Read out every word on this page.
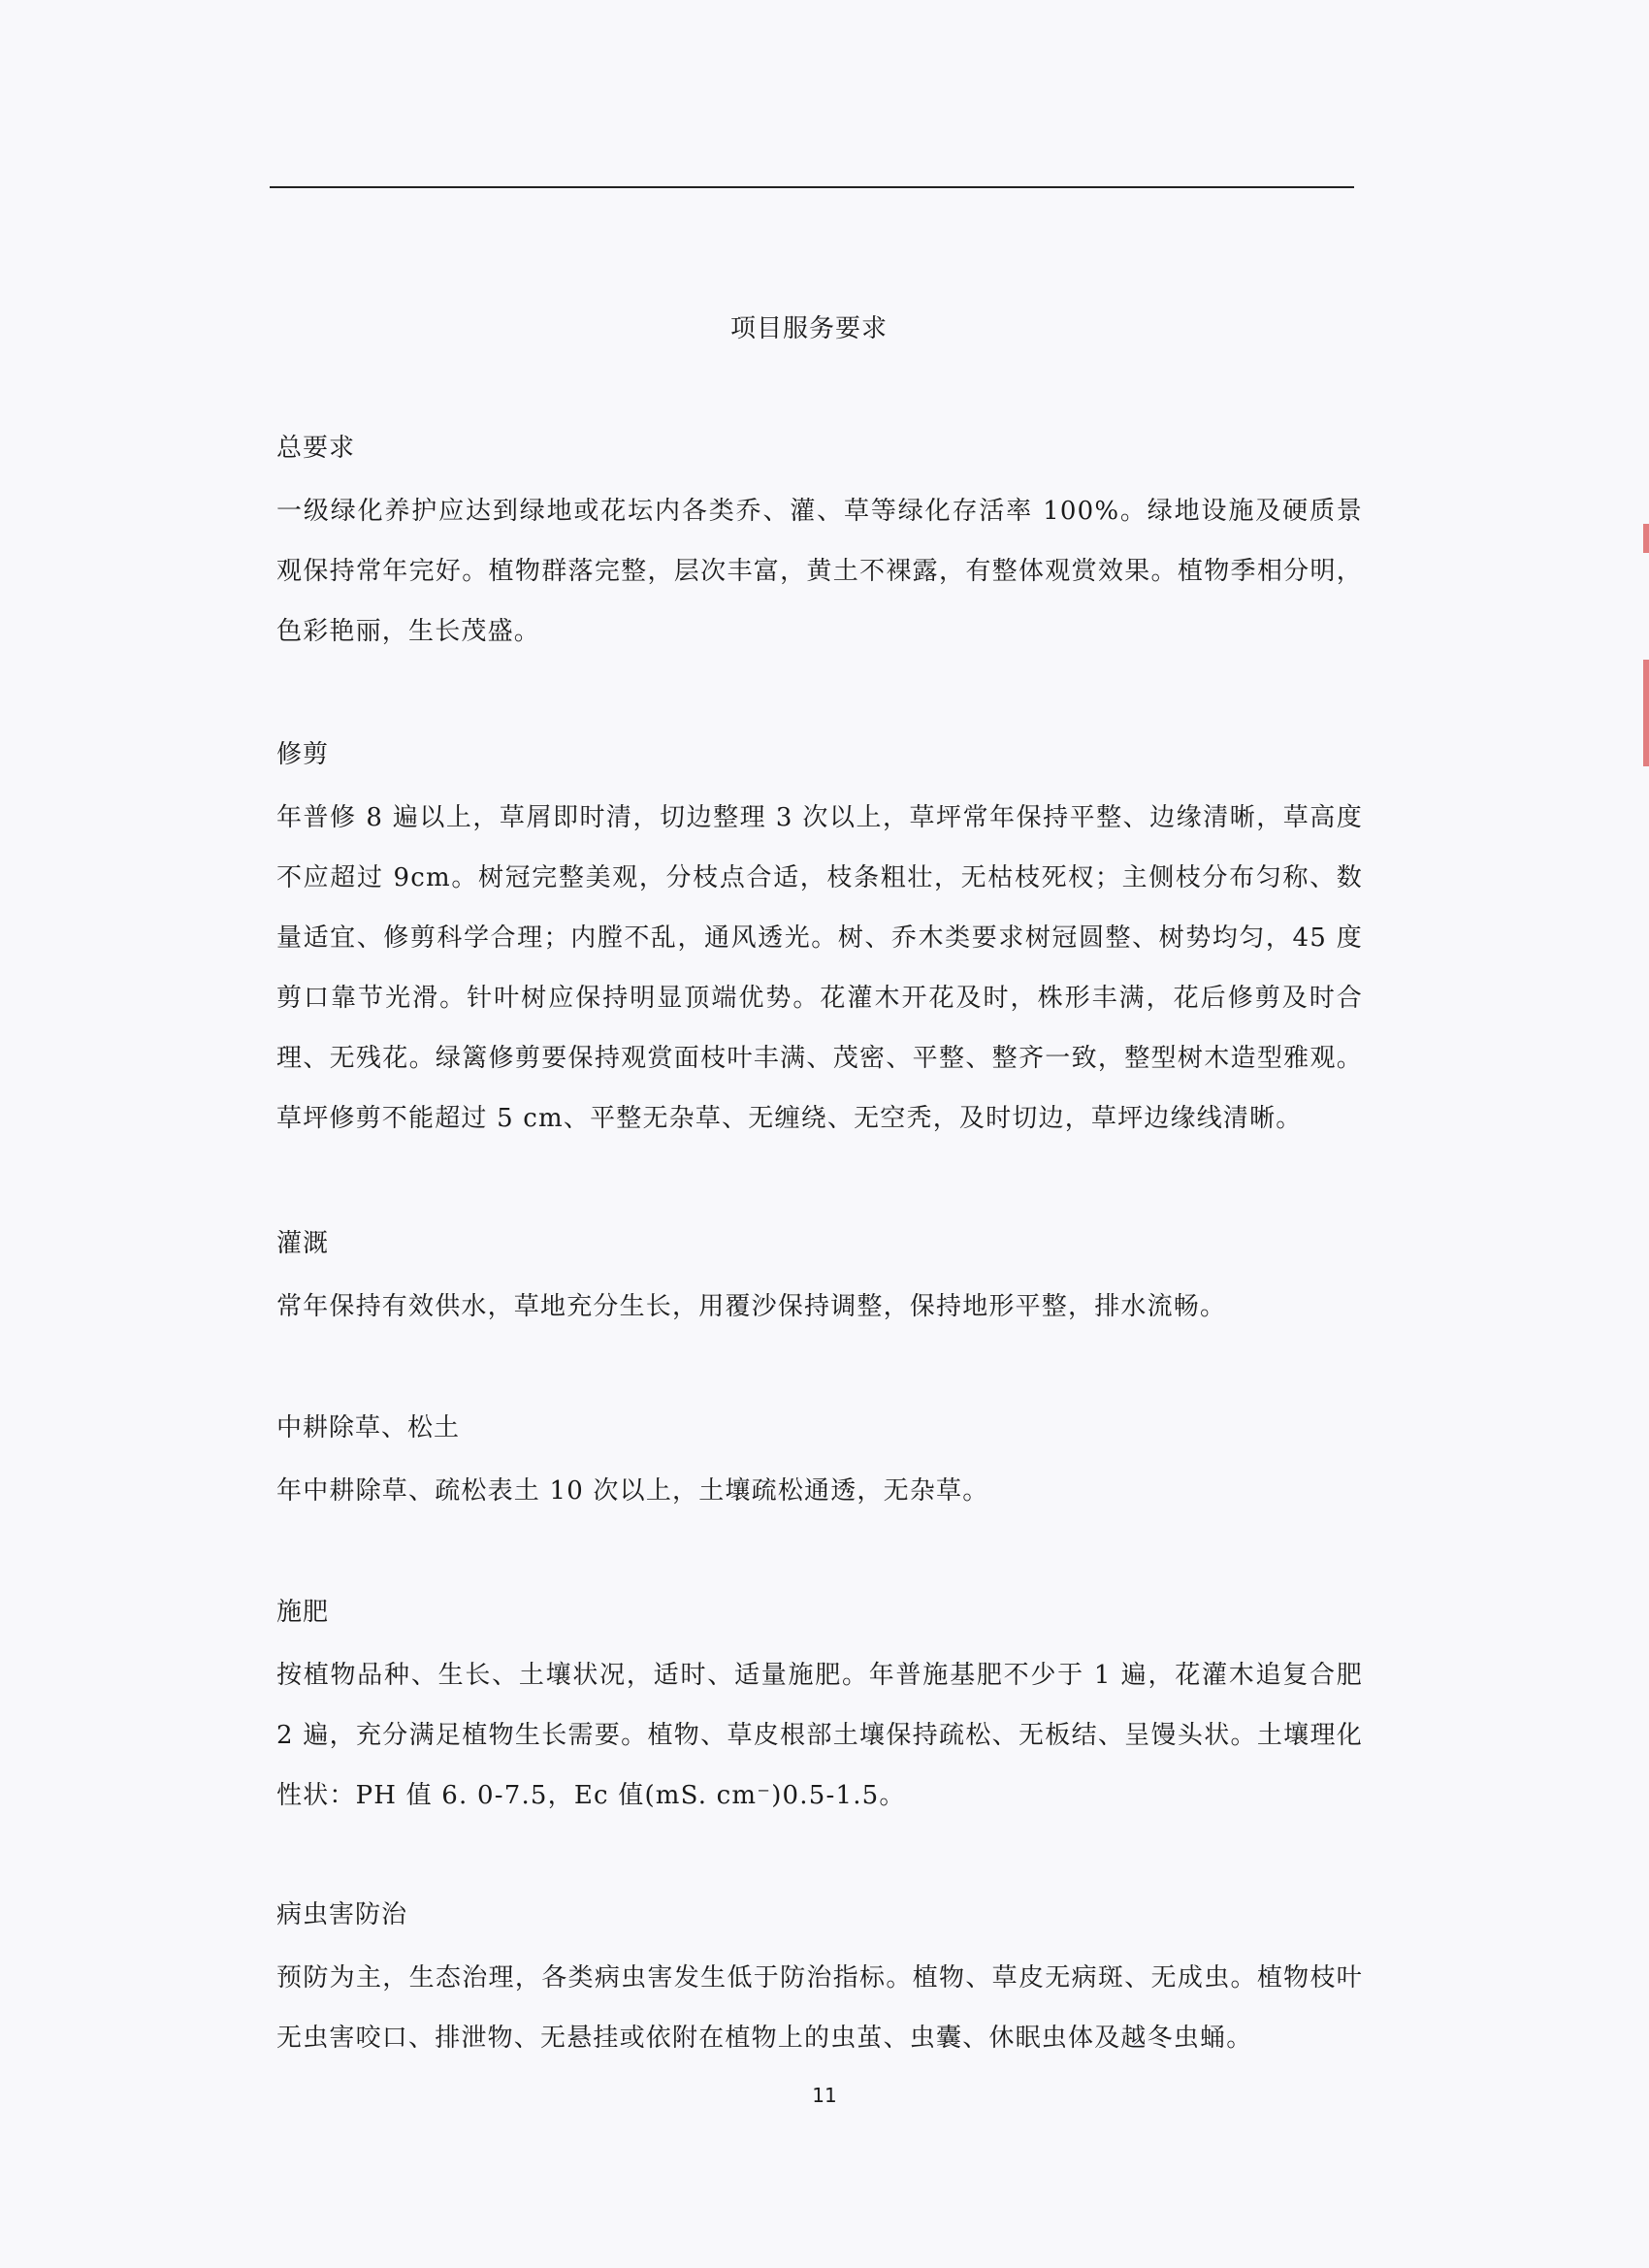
项目服务要求
总要求

一级绿化养护应达到绿地或花坛内各类乔、灌、草等绿化存活率 100%。绿地设施及硬质景观保持常年完好。植物群落完整，层次丰富，黄土不裸露，有整体观赏效果。植物季相分明，色彩艳丽，生长茂盛。

修剪

年普修 8 遍以上，草屑即时清，切边整理 3 次以上，草坪常年保持平整、边缘清晰，草高度不应超过 9cm。树冠完整美观，分枝点合适，枝条粗壮，无枯枝死杈；主侧枝分布匀称、数量适宜、修剪科学合理；内膛不乱，通风透光。树、乔木类要求树冠圆整、树势均匀，45 度剪口靠节光滑。针叶树应保持明显顶端优势。花灌木开花及时，株形丰满，花后修剪及时合理、无残花。绿篱修剪要保持观赏面枝叶丰满、茂密、平整、整齐一致，整型树木造型雅观。草坪修剪不能超过 5 cm、平整无杂草、无缠绕、无空秃，及时切边，草坪边缘线清晰。

灌溉

常年保持有效供水，草地充分生长，用覆沙保持调整，保持地形平整，排水流畅。

中耕除草、松土

年中耕除草、疏松表土 10 次以上，土壤疏松通透，无杂草。

施肥

按植物品种、生长、土壤状况，适时、适量施肥。年普施基肥不少于 1 遍，花灌木追复合肥 2 遍，充分满足植物生长需要。植物、草皮根部土壤保持疏松、无板结、呈馒头状。土壤理化性状：PH 值 6. 0-7.5，Ec 值(mS. cm⁻)0.5-1.5。

病虫害防治

预防为主，生态治理，各类病虫害发生低于防治指标。植物、草皮无病斑、无成虫。植物枝叶无虫害咬口、排泄物、无悬挂或依附在植物上的虫茧、虫囊、休眠虫体及越冬虫蛹。

11
